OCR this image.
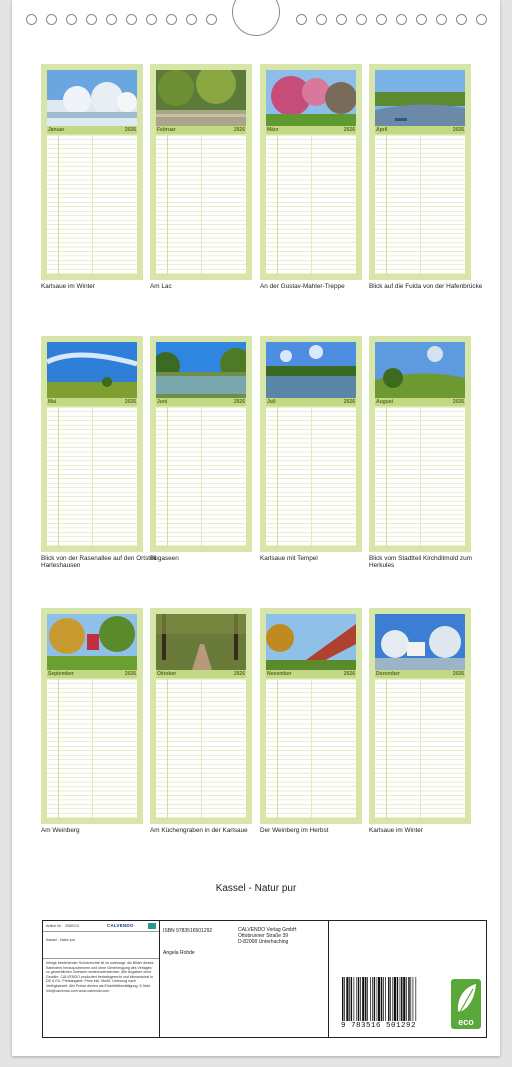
Januar	2026
Karlsaue im Winter
Februar	2026
Am Lac
März	2026
An der Gustav-Mahler-Treppe
April	2026
Blick auf die Fulda von der Hafenbrücke
Mai	2026
Blick von der Rasenallee auf den Ortsteil Harleshausen
Juni	2026
Bugaseen
Juli	2026
Karlsaue mit Tempel
August	2026
Blick vom Stadtteil Kirchditmold zum Herkules
September	2026
Am Weinberg
Oktober	2026
Am Küchengraben in der Karlsaue
November	2026
Der Weinberg im Herbst
Dezember	2026
Karlsaue im Winter
Kassel - Natur pur
Artikel Nr. 2080213	CALVENDO
Kassel - Natur pur
Infolge bestehender Schutzrechte ist es untersagt, die Bilder dieses Kalenders herauszutrennen und ohne Genehmigung des Verlages zu gewerblichen Zwecken weiterzuverwenden. Alle Angaben ohne Gewähr. CALVENDO produziert bedarfsgerecht und klimaneutral in DE & EU. Preisangabe: Preis inkl. MwSt. Lieferung nach Verfügbarkeit. Alle Preise dienen als Einzelfallbestätigung. E-Mail: info@calvendo.com www.calvendo.com
ISBN 9783516501292
Angela Rohde
CALVENDO Verlag GmbH
Ottobrunner Straße 39
D-82008 Unterhaching
9 783516 501292	eco
